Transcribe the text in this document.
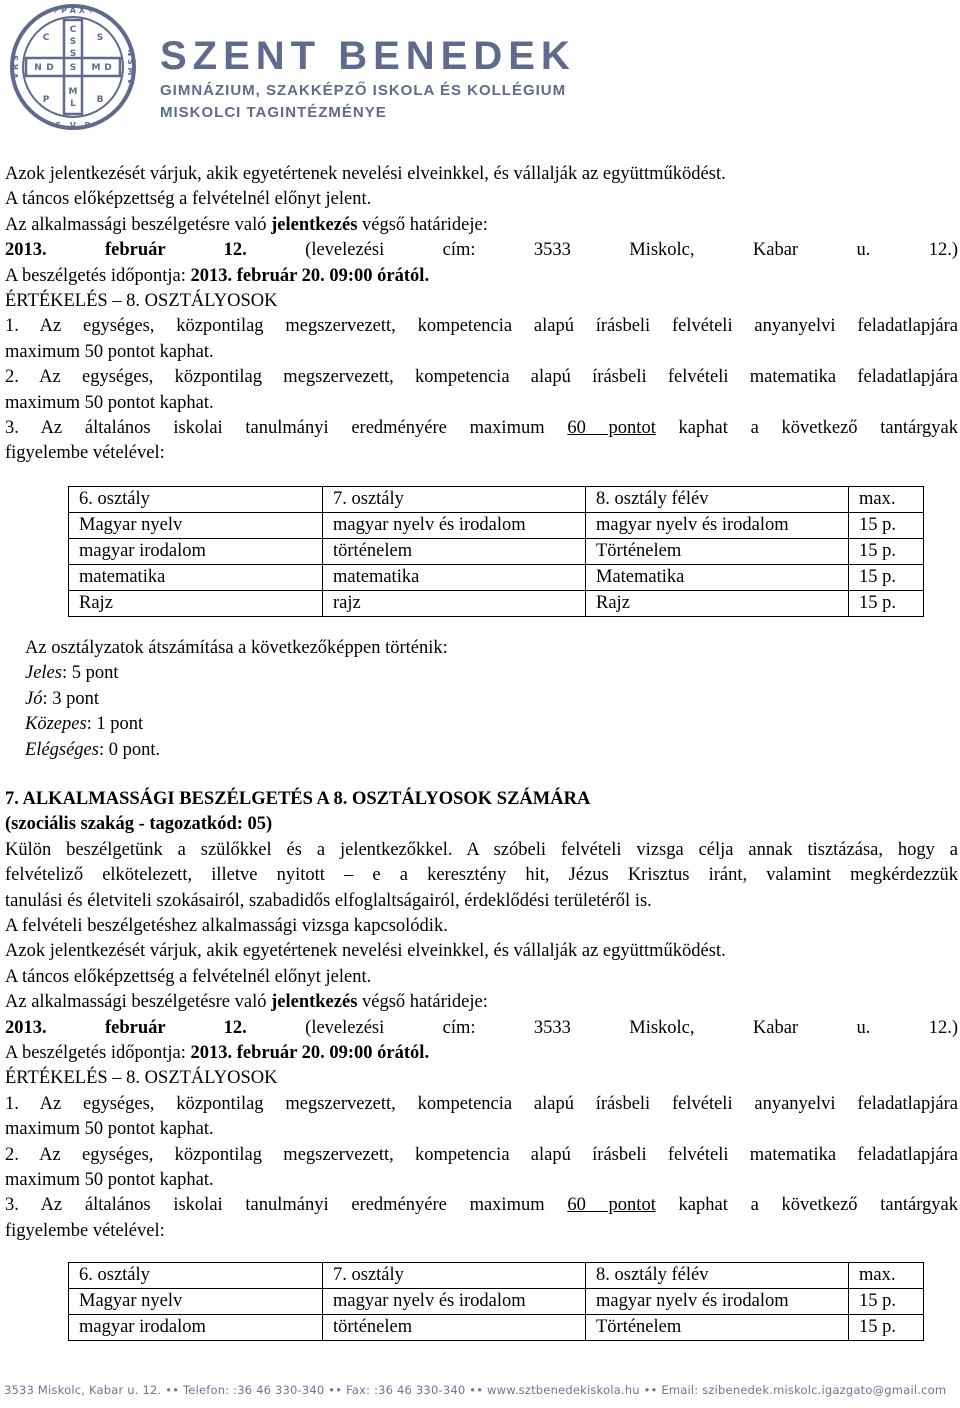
C
S
S
M
L
N D	M D
S
C	S
P	B
+ P A X +
S . V . B
V R S	N S M V SZENT BENEDEK
GIMNÁZIUM, SZAKKÉPZŐ ISKOLA ÉS KOLLÉGIUM
MISKOLCI TAGINTÉZMÉNYE

Azok jelentkezését várjuk, akik egyetértenek nevelési elveinkkel, és vállalják az együttműködést.

A táncos előképzettség a felvételnél előnyt jelent.

Az alkalmassági beszélgetésre való jelentkezés végső határideje:

2013. február 12. (levelezési cím: 3533 Miskolc, Kabar u. 12.)

A beszélgetés időpontja: 2013. február 20. 09:00 órától.

ÉRTÉKELÉS – 8. OSZTÁLYOSOK

1. Az egységes, központilag megszervezett, kompetencia alapú írásbeli felvételi anyanyelvi feladatlapjára

maximum 50 pontot kaphat.

2. Az egységes, központilag megszervezett, kompetencia alapú írásbeli felvételi matematika feladatlapjára

maximum 50 pontot kaphat.

3. Az általános iskolai tanulmányi eredményére maximum 60 pontot kaphat a következő tantárgyak

figyelembe vételével:

6. osztály	7. osztály	8. osztály félév	max.
Magyar nyelv	magyar nyelv és irodalom	magyar nyelv és irodalom	15 p.
magyar irodalom	történelem	Történelem	15 p.
matematika	matematika	Matematika	15 p.
Rajz	rajz	Rajz	15 p.

Az osztályzatok átszámítása a következőképpen történik:

Jeles: 5 pont

Jó: 3 pont

Közepes: 1 pont

Elégséges: 0 pont.

7. ALKALMASSÁGI BESZÉLGETÉS A 8. OSZTÁLYOSOK SZÁMÁRA

(szociális szakág - tagozatkód: 05)

Külön beszélgetünk a szülőkkel és a jelentkezőkkel. A szóbeli felvételi vizsga célja annak tisztázása, hogy a

felvételiző elkötelezett, illetve nyitott – e a keresztény hit, Jézus Krisztus iránt, valamint megkérdezzük

tanulási és életviteli szokásairól, szabadidős elfoglaltságairól, érdeklődési területéről is.

A felvételi beszélgetéshez alkalmassági vizsga kapcsolódik.

Azok jelentkezését várjuk, akik egyetértenek nevelési elveinkkel, és vállalják az együttműködést.

A táncos előképzettség a felvételnél előnyt jelent.

Az alkalmassági beszélgetésre való jelentkezés végső határideje:

2013. február 12. (levelezési cím: 3533 Miskolc, Kabar u. 12.)

A beszélgetés időpontja: 2013. február 20. 09:00 órától.

ÉRTÉKELÉS – 8. OSZTÁLYOSOK

1. Az egységes, központilag megszervezett, kompetencia alapú írásbeli felvételi anyanyelvi feladatlapjára

maximum 50 pontot kaphat.

2. Az egységes, központilag megszervezett, kompetencia alapú írásbeli felvételi matematika feladatlapjára

maximum 50 pontot kaphat.

3. Az általános iskolai tanulmányi eredményére maximum 60 pontot kaphat a következő tantárgyak

figyelembe vételével:

6. osztály	7. osztály	8. osztály félév	max.
Magyar nyelv	magyar nyelv és irodalom	magyar nyelv és irodalom	15 p.
magyar irodalom	történelem	Történelem	15 p.
3533 Miskolc, Kabar u. 12. •• Telefon: :36 46 330-340 •• Fax: :36 46 330-340 •• www.sztbenedekiskola.hu •• Email: szibenedek.miskolc.igazgato@gmail.com
